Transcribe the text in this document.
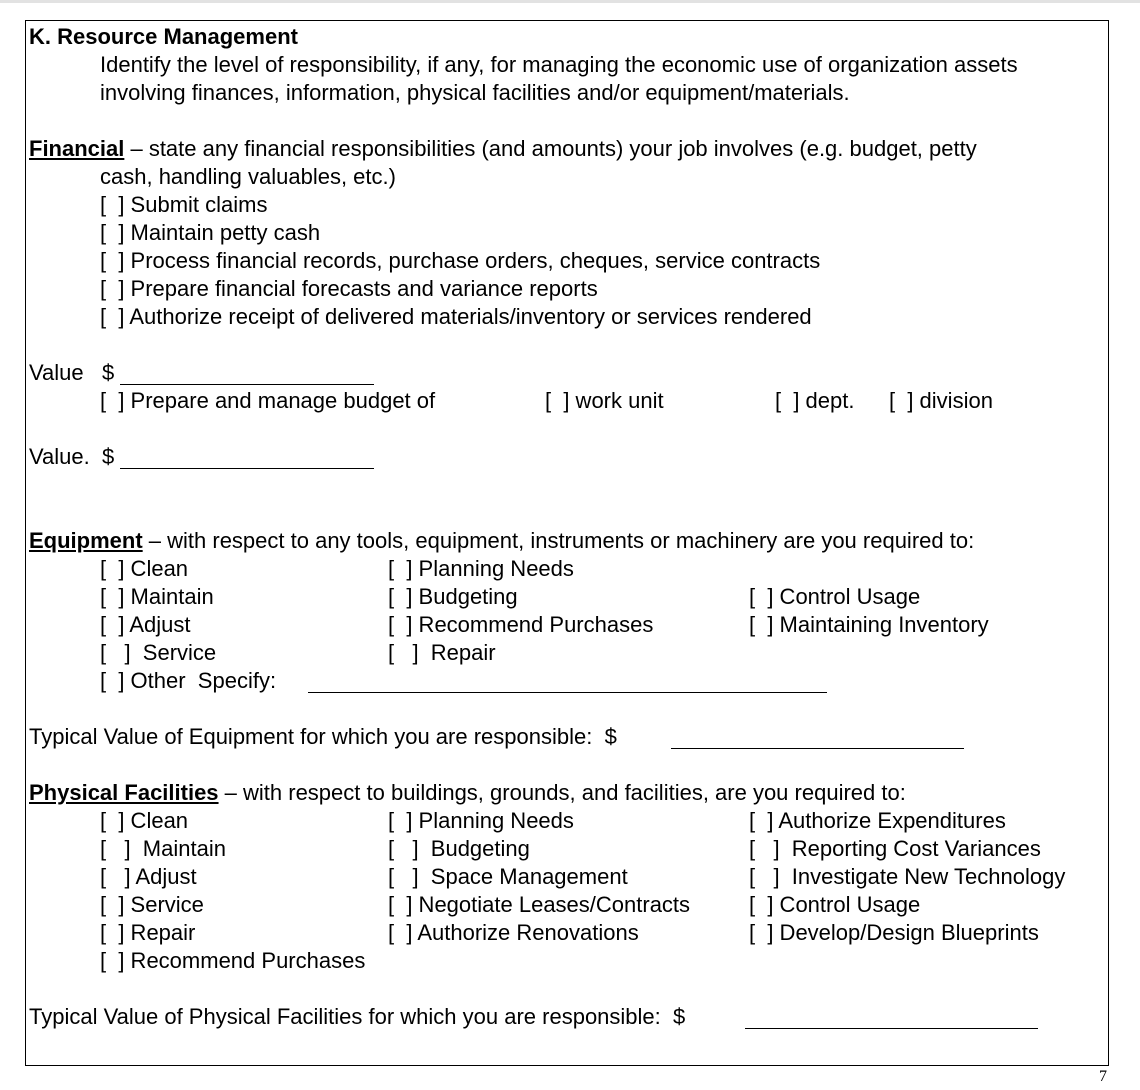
K. Resource Management
Identify the level of responsibility, if any, for managing the economic use of organization assets
involving finances, information, physical facilities and/or equipment/materials.
Financial – state any financial responsibilities (and amounts) your job involves (e.g. budget, petty
cash, handling valuables, etc.)
[  ] Submit claims
[  ] Maintain petty cash
[  ] Process financial records, purchase orders, cheques, service contracts
[  ] Prepare financial forecasts and variance reports
[  ] Authorize receipt of delivered materials/inventory or services rendered
Value   $
[  ] Prepare and manage budget of	[  ] work unit	[  ] dept. [  ] division
Value.  $
Equipment – with respect to any tools, equipment, instruments or machinery are you required to:
[  ] Clean
[  ] Maintain
[  ] Adjust
[   ]  Service
[  ] Planning Needs
[  ] Budgeting
[  ] Recommend Purchases
[   ]  Repair
[  ] Control Usage
[  ] Maintaining Inventory
[  ] Other  Specify:
Typical Value of Equipment for which you are responsible:  $
Physical Facilities – with respect to buildings, grounds, and facilities, are you required to:
[  ] Clean
[   ]  Maintain
[   ] Adjust
[  ] Service
[  ] Repair
[  ] Recommend Purchases
[  ] Planning Needs
[   ]  Budgeting
[   ]  Space Management
[  ] Negotiate Leases/Contracts
[  ] Authorize Renovations
[  ] Authorize Expenditures
[   ]  Reporting Cost Variances
[   ]  Investigate New Technology
[  ] Control Usage
[  ] Develop/Design Blueprints
Typical Value of Physical Facilities for which you are responsible:  $
7
